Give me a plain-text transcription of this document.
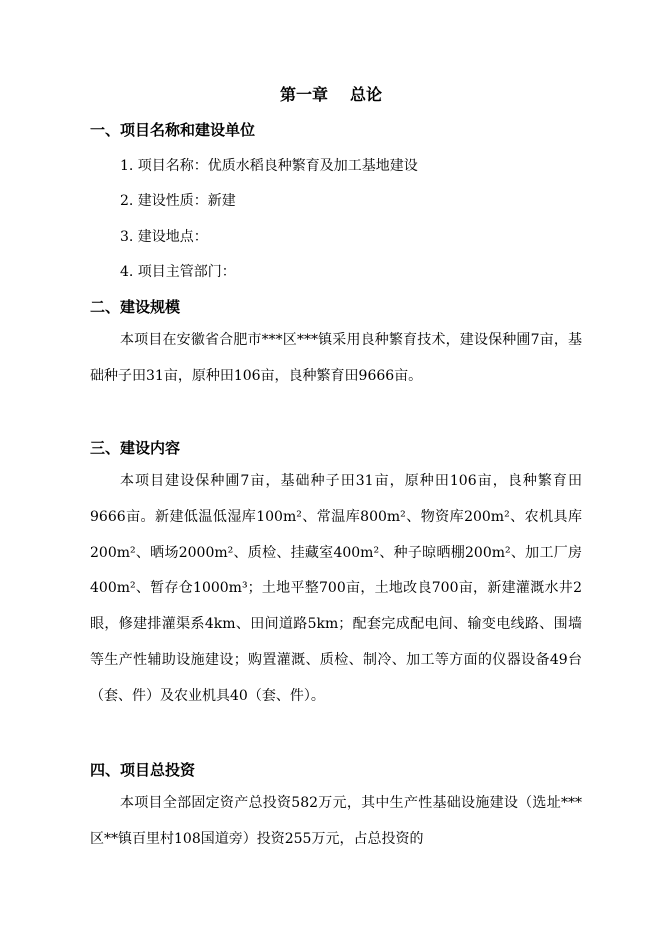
第一章 总论
一、项目名称和建设单位
1. 项目名称：优质水稻良种繁育及加工基地建设
2. 建设性质：新建
3. 建设地点：
4. 项目主管部门：
二、建设规模
本项目在安徽省合肥市***区***镇采用良种繁育技术，建设保种圃7亩，基础种子田31亩，原种田106亩，良种繁育田9666亩。
三、建设内容
本项目建设保种圃7亩，基础种子田31亩，原种田106亩，良种繁育田9666亩。新建低温低湿库100m²、常温库800m²、物资库200m²、农机具库200m²、晒场2000m²、质检、挂藏室400m²、种子晾晒棚200m²、加工厂房400m²、暂存仓1000m³；土地平整700亩，土地改良700亩，新建灌溉水井2眼，修建排灌渠系4km、田间道路5km；配套完成配电间、输变电线路、围墙等生产性辅助设施建设；购置灌溉、质检、制冷、加工等方面的仪器设备49台（套、件）及农业机具40（套、件）。
四、项目总投资
本项目全部固定资产总投资582万元，其中生产性基础设施建设（选址***区**镇百里村108国道旁）投资255万元，占总投资的
